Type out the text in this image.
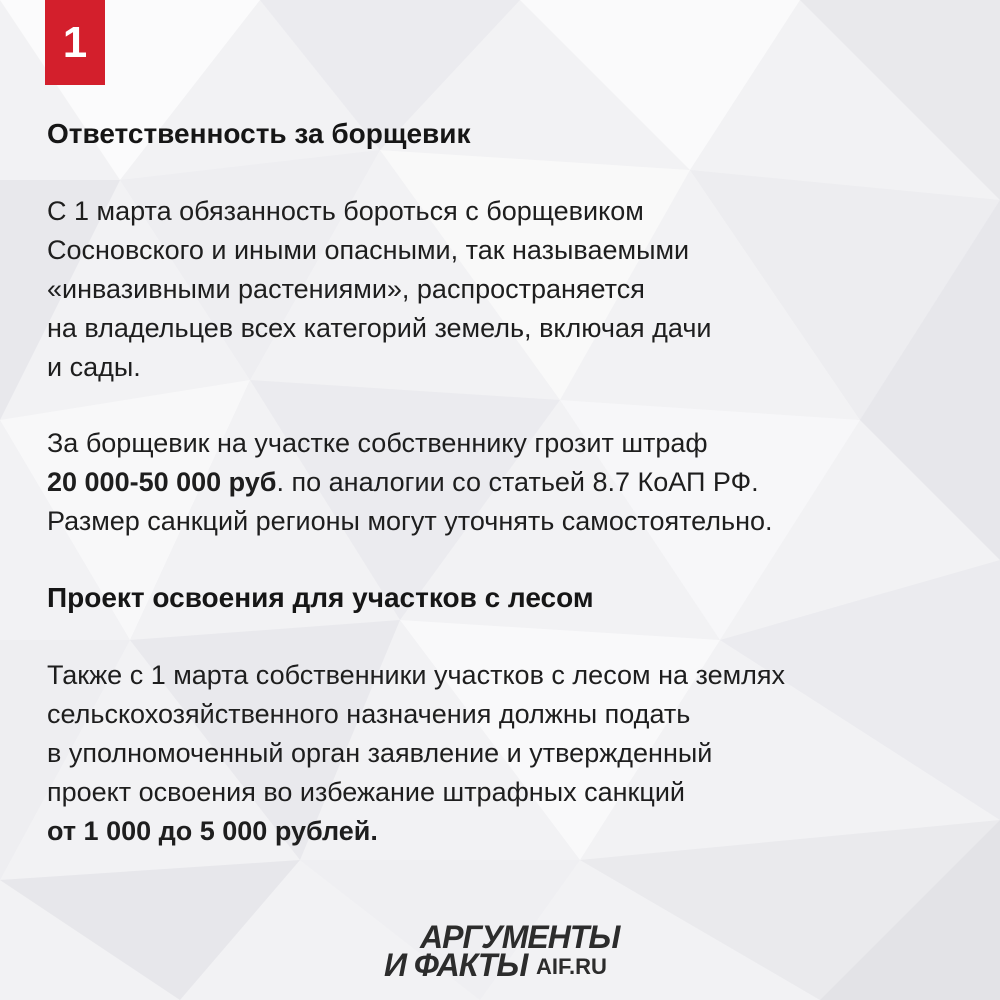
1
Ответственность за борщевик
С 1 марта обязанность бороться с борщевиком
Сосновского и иными опасными, так называемыми
«инвазивными растениями», распространяется
на владельцев всех категорий земель, включая дачи
и сады.
За борщевик на участке собственнику грозит штраф
20 000-50 000 руб. по аналогии со статьей 8.7 КоАП РФ.
Размер санкций регионы могут уточнять самостоятельно.
Проект освоения для участков с лесом
Также с 1 марта собственники участков с лесом на землях
сельскохозяйственного назначения должны подать
в уполномоченный орган заявление и утвержденный
проект освоения во избежание штрафных санкций
от 1 000 до 5 000 рублей.
АРГУМЕНТЫ
И ФАКТЫ AIF.RU
